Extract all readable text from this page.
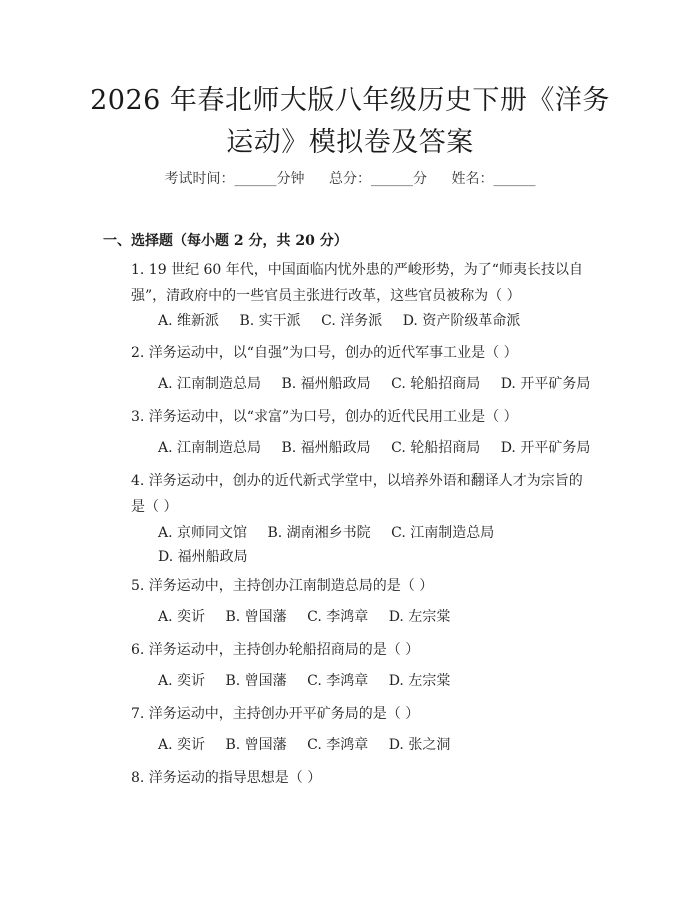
2026 年春北师大版八年级历史下册《洋务运动》模拟卷及答案
考试时间：______分钟 总分：______分 姓名：______
一、选择题（每小题 2 分，共 20 分）
1. 19 世纪 60 年代，中国面临内忧外患的严峻形势，为了“师夷长技以自强”，清政府中的一些官员主张进行改革，这些官员被称为（ ）
A. 维新派 B. 实干派 C. 洋务派 D. 资产阶级革命派
2. 洋务运动中，以“自强”为口号，创办的近代军事工业是（ ）
A. 江南制造总局 B. 福州船政局 C. 轮船招商局 D. 开平矿务局
3. 洋务运动中，以“求富”为口号，创办的近代民用工业是（ ）
A. 江南制造总局 B. 福州船政局 C. 轮船招商局 D. 开平矿务局
4. 洋务运动中，创办的近代新式学堂中，以培养外语和翻译人才为宗旨的是（ ）
A. 京师同文馆 B. 湖南湘乡书院 C. 江南制造总局 D. 福州船政局
5. 洋务运动中，主持创办江南制造总局的是（ ）
A. 奕䜣 B. 曾国藩 C. 李鸿章 D. 左宗棠
6. 洋务运动中，主持创办轮船招商局的是（ ）
A. 奕䜣 B. 曾国藩 C. 李鸿章 D. 左宗棠
7. 洋务运动中，主持创办开平矿务局的是（ ）
A. 奕䜣 B. 曾国藩 C. 李鸿章 D. 张之洞
8. 洋务运动的指导思想是（ ）
